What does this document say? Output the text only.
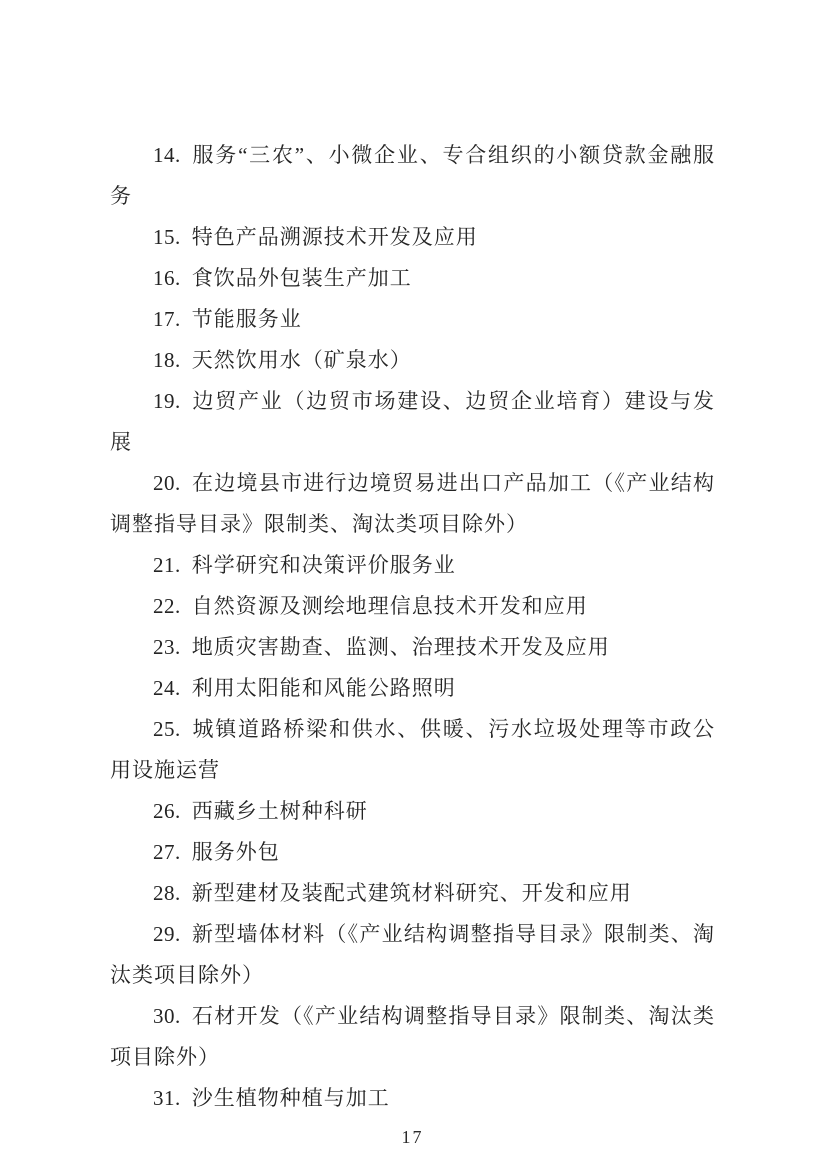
14. 服务“三农”、小微企业、专合组织的小额贷款金融服务

15. 特色产品溯源技术开发及应用

16. 食饮品外包装生产加工

17. 节能服务业

18. 天然饮用水（矿泉水）

19. 边贸产业（边贸市场建设、边贸企业培育）建设与发展

20. 在边境县市进行边境贸易进出口产品加工（《产业结构调整指导目录》限制类、淘汰类项目除外）

21. 科学研究和决策评价服务业

22. 自然资源及测绘地理信息技术开发和应用

23. 地质灾害勘查、监测、治理技术开发及应用

24. 利用太阳能和风能公路照明

25. 城镇道路桥梁和供水、供暖、污水垃圾处理等市政公用设施运营

26. 西藏乡土树种科研

27. 服务外包

28. 新型建材及装配式建筑材料研究、开发和应用

29. 新型墙体材料（《产业结构调整指导目录》限制类、淘汰类项目除外）

30. 石材开发（《产业结构调整指导目录》限制类、淘汰类项目除外）

31. 沙生植物种植与加工

17
